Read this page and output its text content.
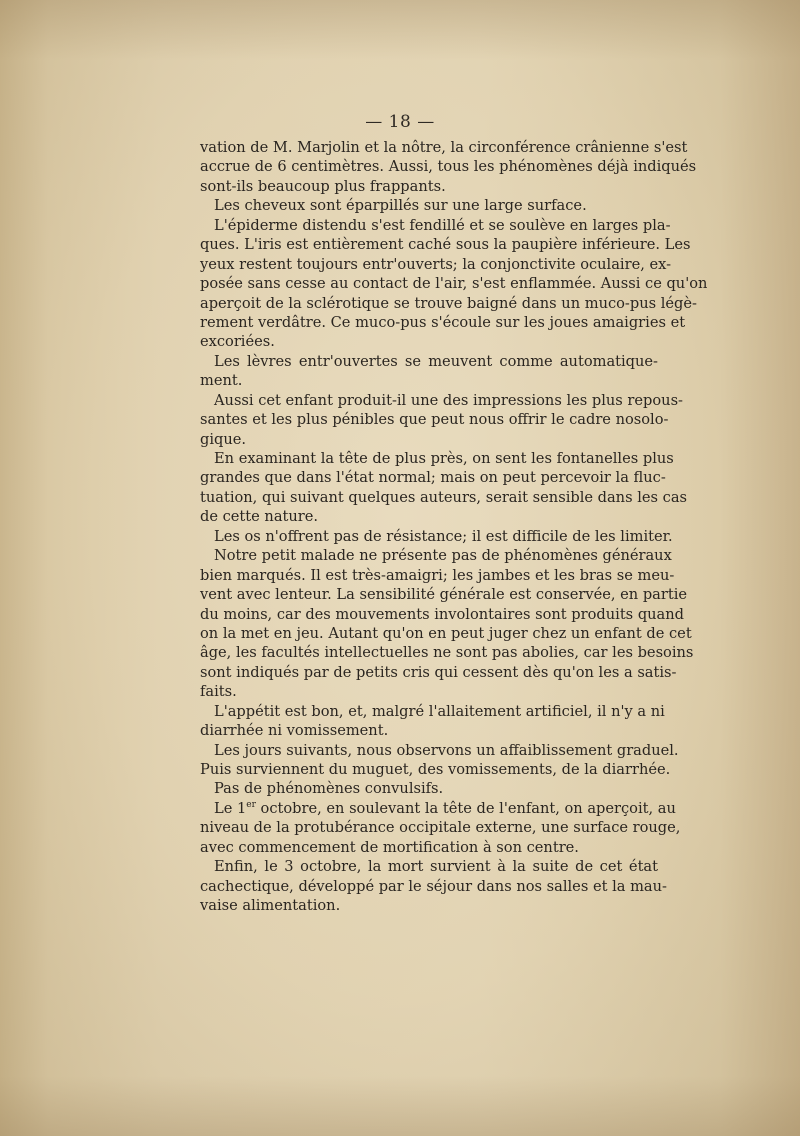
— 18 —
vation de M. Marjolin et la nôtre, la circonférence crânienne s'est
accrue de 6 centimètres. Aussi, tous les phénomènes déjà indiqués
sont-ils beaucoup plus frappants.
Les cheveux sont éparpillés sur une large surface.
L'épiderme distendu s'est fendillé et se soulève en larges pla-
ques. L'iris est entièrement caché sous la paupière inférieure. Les
yeux restent toujours entr'ouverts; la conjonctivite oculaire, ex-
posée sans cesse au contact de l'air, s'est enflammée. Aussi ce qu'on
aperçoit de la sclérotique se trouve baigné dans un muco-pus légè-
rement verdâtre. Ce muco-pus s'écoule sur les joues amaigries et
excoriées.
Les lèvres entr'ouvertes se meuvent comme automatique-
ment.
Aussi cet enfant produit-il une des impressions les plus repous-
santes et les plus pénibles que peut nous offrir le cadre nosolo-
gique.
En examinant la tête de plus près, on sent les fontanelles plus
grandes que dans l'état normal; mais on peut percevoir la fluc-
tuation, qui suivant quelques auteurs, serait sensible dans les cas
de cette nature.
Les os n'offrent pas de résistance; il est difficile de les limiter.
Notre petit malade ne présente pas de phénomènes généraux
bien marqués. Il est très-amaigri; les jambes et les bras se meu-
vent avec lenteur. La sensibilité générale est conservée, en partie
du moins, car des mouvements involontaires sont produits quand
on la met en jeu. Autant qu'on en peut juger chez un enfant de cet
âge, les facultés intellectuelles ne sont pas abolies, car les besoins
sont indiqués par de petits cris qui cessent dès qu'on les a satis-
faits.
L'appétit est bon, et, malgré l'allaitement artificiel, il n'y a ni
diarrhée ni vomissement.
Les jours suivants, nous observons un affaiblissement graduel.
Puis surviennent du muguet, des vomissements, de la diarrhée.
Pas de phénomènes convulsifs.
Le 1er octobre, en soulevant la tête de l'enfant, on aperçoit, au
niveau de la protubérance occipitale externe, une surface rouge,
avec commencement de mortification à son centre.
Enfin, le 3 octobre, la mort survient à la suite de cet état
cachectique, développé par le séjour dans nos salles et la mau-
vaise alimentation.
